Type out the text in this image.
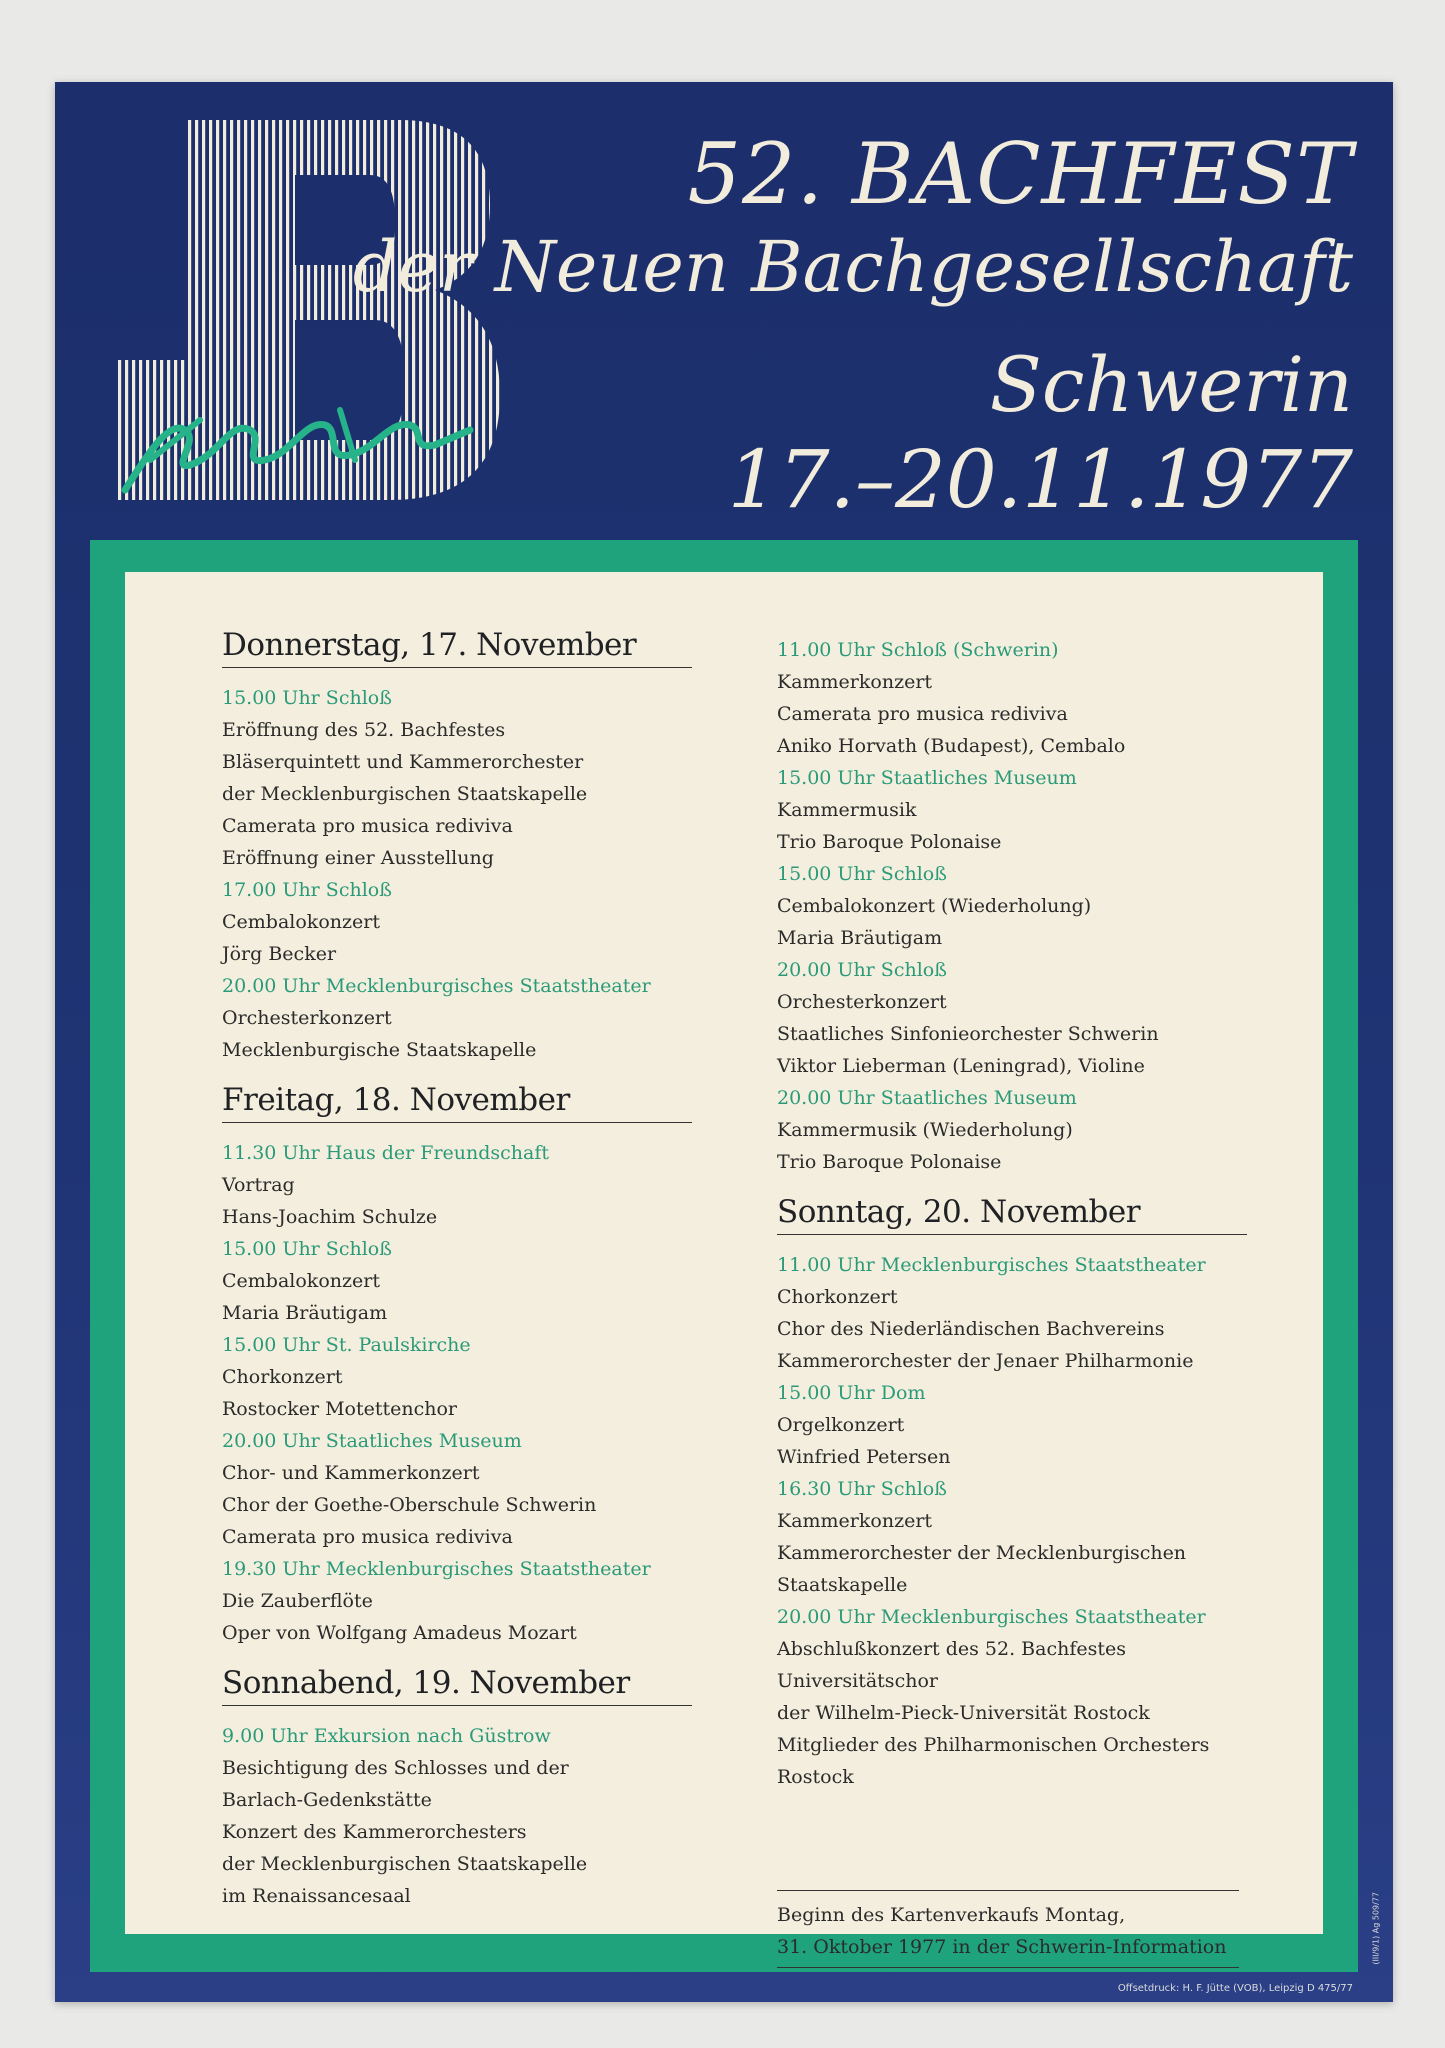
52. BACHFEST
der Neuen Bachgesellschaft
Schwerin
17.–20.11.1977
Donnerstag, 17. November
15.00 Uhr Schloß
Eröffnung des 52. Bachfestes
Bläserquintett und Kammerorchester
der Mecklenburgischen Staatskapelle
Camerata pro musica rediviva
Eröffnung einer Ausstellung
17.00 Uhr Schloß
Cembalokonzert
Jörg Becker
20.00 Uhr Mecklenburgisches Staatstheater
Orchesterkonzert
Mecklenburgische Staatskapelle
Freitag, 18. November
11.30 Uhr Haus der Freundschaft
Vortrag
Hans-Joachim Schulze
15.00 Uhr Schloß
Cembalokonzert
Maria Bräutigam
15.00 Uhr St. Paulskirche
Chorkonzert
Rostocker Motettenchor
20.00 Uhr Staatliches Museum
Chor- und Kammerkonzert
Chor der Goethe-Oberschule Schwerin
Camerata pro musica rediviva
19.30 Uhr Mecklenburgisches Staatstheater
Die Zauberflöte
Oper von Wolfgang Amadeus Mozart
Sonnabend, 19. November
9.00 Uhr Exkursion nach Güstrow
Besichtigung des Schlosses und der
Barlach-Gedenkstätte
Konzert des Kammerorchesters
der Mecklenburgischen Staatskapelle
im Renaissancesaal
11.00 Uhr Schloß (Schwerin)
Kammerkonzert
Camerata pro musica rediviva
Aniko Horvath (Budapest), Cembalo
15.00 Uhr Staatliches Museum
Kammermusik
Trio Baroque Polonaise
15.00 Uhr Schloß
Cembalokonzert (Wiederholung)
Maria Bräutigam
20.00 Uhr Schloß
Orchesterkonzert
Staatliches Sinfonieorchester Schwerin
Viktor Lieberman (Leningrad), Violine
20.00 Uhr Staatliches Museum
Kammermusik (Wiederholung)
Trio Baroque Polonaise
Sonntag, 20. November
11.00 Uhr Mecklenburgisches Staatstheater
Chorkonzert
Chor des Niederländischen Bachvereins
Kammerorchester der Jenaer Philharmonie
15.00 Uhr Dom
Orgelkonzert
Winfried Petersen
16.30 Uhr Schloß
Kammerkonzert
Kammerorchester der Mecklenburgischen
Staatskapelle
20.00 Uhr Mecklenburgisches Staatstheater
Abschlußkonzert des 52. Bachfestes
Universitätschor
der Wilhelm-Pieck-Universität Rostock
Mitglieder des Philharmonischen Orchesters
Rostock
Beginn des Kartenverkaufs Montag,
31. Oktober 1977 in der Schwerin-Information	(III/9/1) Ag 509/77
Offsetdruck: H. F. Jütte (VOB), Leipzig D 475/77
